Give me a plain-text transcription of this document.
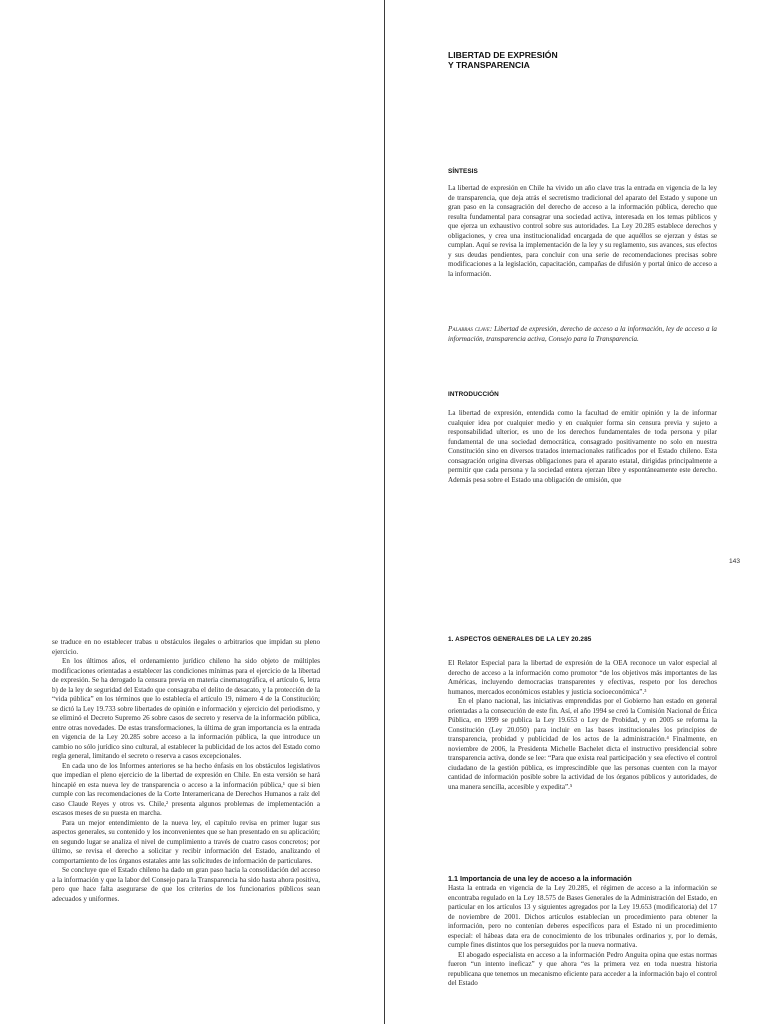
LIBERTAD DE EXPRESIÓN
Y TRANSPARENCIA
SÍNTESIS

La libertad de expresión en Chile ha vivido un año clave tras la entrada en vigencia de la ley de transparencia, que deja atrás el secretismo tradicional del aparato del Estado y supone un gran paso en la consagración del derecho de acceso a la información pública, derecho que resulta fundamental para consagrar una sociedad activa, interesada en los temas públicos y que ejerza un exhaustivo control sobre sus autoridades. La Ley 20.285 establece derechos y obligaciones, y crea una institucionalidad encargada de que aquéllos se ejerzan y éstas se cumplan. Aquí se revisa la implementación de la ley y su reglamento, sus avances, sus efectos y sus deudas pendientes, para concluir con una serie de recomendaciones precisas sobre modificaciones a la legislación, capacitación, campañas de difusión y portal único de acceso a la información.

Palabras clave: Libertad de expresión, derecho de acceso a la información, ley de acceso a la información, transparencia activa, Consejo para la Transparencia.

INTRODUCCIÓN

La libertad de expresión, entendida como la facultad de emitir opinión y la de informar cualquier idea por cualquier medio y en cualquier forma sin censura previa y sujeto a responsabilidad ulterior, es uno de los derechos fundamentales de toda persona y pilar fundamental de una sociedad democrática, consagrado positivamente no solo en nuestra Constitución sino en diversos tratados internacionales ratificados por el Estado chileno. Esta consagración origina diversas obligaciones para el aparato estatal, dirigidas principalmente a permitir que cada persona y la sociedad entera ejerzan libre y espontáneamente este derecho. Además pesa sobre el Estado una obligación de omisión, que

143

se traduce en no establecer trabas u obstáculos ilegales o arbitrarios que impidan su pleno ejercicio.

En los últimos años, el ordenamiento jurídico chileno ha sido objeto de múltiples modificaciones orientadas a establecer las condiciones mínimas para el ejercicio de la libertad de expresión. Se ha derogado la censura previa en materia cinematográfica, el artículo 6, letra b) de la ley de seguridad del Estado que consagraba el delito de desacato, y la protección de la “vida pública” en los términos que lo establecía el artículo 19, número 4 de la Constitución; se dictó la Ley 19.733 sobre libertades de opinión e información y ejercicio del periodismo, y se eliminó el Decreto Supremo 26 sobre casos de secreto y reserva de la información pública, entre otras novedades. De estas transformaciones, la última de gran importancia es la entrada en vigencia de la Ley 20.285 sobre acceso a la información pública, la que introduce un cambio no sólo jurídico sino cultural, al establecer la publicidad de los actos del Estado como regla general, limitando el secreto o reserva a casos excepcionales.

En cada uno de los Informes anteriores se ha hecho énfasis en los obstáculos legislativos que impedían el pleno ejercicio de la libertad de expresión en Chile. En esta versión se hará hincapié en esta nueva ley de transparencia o acceso a la información pública,¹ que si bien cumple con las recomendaciones de la Corte Interamericana de Derechos Humanos a raíz del caso Claude Reyes y otros vs. Chile,² presenta algunos problemas de implementación a escasos meses de su puesta en marcha.

Para un mejor entendimiento de la nueva ley, el capítulo revisa en primer lugar sus aspectos generales, su contenido y los inconvenientes que se han presentado en su aplicación; en segundo lugar se analiza el nivel de cumplimiento a través de cuatro casos concretos; por último, se revisa el derecho a solicitar y recibir información del Estado, analizando el comportamiento de los órganos estatales ante las solicitudes de información de particulares.

Se concluye que el Estado chileno ha dado un gran paso hacia la consolidación del acceso a la información y que la labor del Consejo para la Transparencia ha sido hasta ahora positiva, pero que hace falta asegurarse de que los criterios de los funcionarios públicos sean adecuados y uniformes.

1. ASPECTOS GENERALES DE LA LEY 20.285

El Relator Especial para la libertad de expresión de la OEA reconoce un valor especial al derecho de acceso a la información como promotor “de los objetivos más importantes de las Américas, incluyendo democracias transparentes y efectivas, respeto por los derechos humanos, mercados económicos estables y justicia socioeconómica”.³

En el plano nacional, las iniciativas emprendidas por el Gobierno han estado en general orientadas a la consecución de este fin. Así, el año 1994 se creó la Comisión Nacional de Ética Pública, en 1999 se publica la Ley 19.653 o Ley de Probidad, y en 2005 se reforma la Constitución (Ley 20.050) para incluir en las bases institucionales los principios de transparencia, probidad y publicidad de los actos de la administración.⁴ Finalmente, en noviembre de 2006, la Presidenta Michelle Bachelet dicta el instructivo presidencial sobre transparencia activa, donde se lee: “Para que exista real participación y sea efectivo el control ciudadano de la gestión pública, es imprescindible que las personas cuenten con la mayor cantidad de información posible sobre la actividad de los órganos públicos y autoridades, de una manera sencilla, accesible y expedita”.⁵

1.1 Importancia de una ley de acceso a la información

Hasta la entrada en vigencia de la Ley 20.285, el régimen de acceso a la información se encontraba regulado en la Ley 18.575 de Bases Generales de la Administración del Estado, en particular en los artículos 13 y siguientes agregados por la Ley 19.653 (modificatoria) del 17 de noviembre de 2001. Dichos artículos establecían un procedimiento para obtener la información, pero no contenían deberes específicos para el Estado ni un procedimiento especial: el hábeas data era de conocimiento de los tribunales ordinarios y, por lo demás, cumple fines distintos que los perseguidos por la nueva normativa.

El abogado especialista en acceso a la información Pedro Anguita opina que estas normas fueron “un intento ineficaz” y que ahora “es la primera vez en toda nuestra historia republicana que tenemos un mecanismo eficiente para acceder a la información bajo el control del Estado
